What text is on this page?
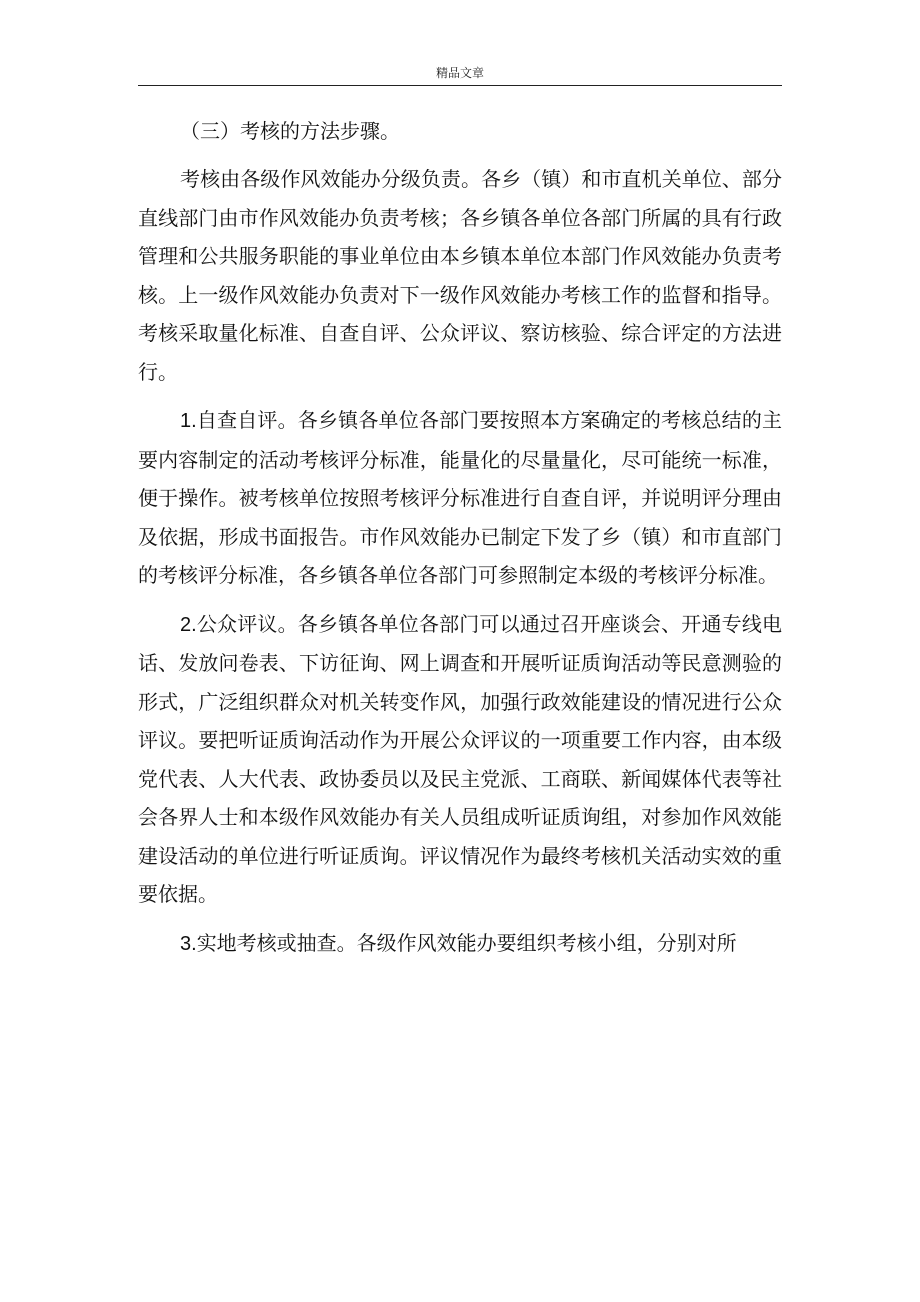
精品文章

（三）考核的方法步骤。

考核由各级作风效能办分级负责。各乡（镇）和市直机关单位、部分直线部门由市作风效能办负责考核；各乡镇各单位各部门所属的具有行政管理和公共服务职能的事业单位由本乡镇本单位本部门作风效能办负责考核。上一级作风效能办负责对下一级作风效能办考核工作的监督和指导。考核采取量化标准、自查自评、公众评议、察访核验、综合评定的方法进行。

1.自查自评。各乡镇各单位各部门要按照本方案确定的考核总结的主要内容制定的活动考核评分标准，能量化的尽量量化，尽可能统一标准，便于操作。被考核单位按照考核评分标准进行自查自评，并说明评分理由及依据，形成书面报告。市作风效能办已制定下发了乡（镇）和市直部门的考核评分标准，各乡镇各单位各部门可参照制定本级的考核评分标准。

2.公众评议。各乡镇各单位各部门可以通过召开座谈会、开通专线电话、发放问卷表、下访征询、网上调查和开展听证质询活动等民意测验的形式，广泛组织群众对机关转变作风，加强行政效能建设的情况进行公众评议。要把听证质询活动作为开展公众评议的一项重要工作内容，由本级党代表、人大代表、政协委员以及民主党派、工商联、新闻媒体代表等社会各界人士和本级作风效能办有关人员组成听证质询组，对参加作风效能建设活动的单位进行听证质询。评议情况作为最终考核机关活动实效的重要依据。

3.实地考核或抽查。各级作风效能办要组织考核小组，分别对所
